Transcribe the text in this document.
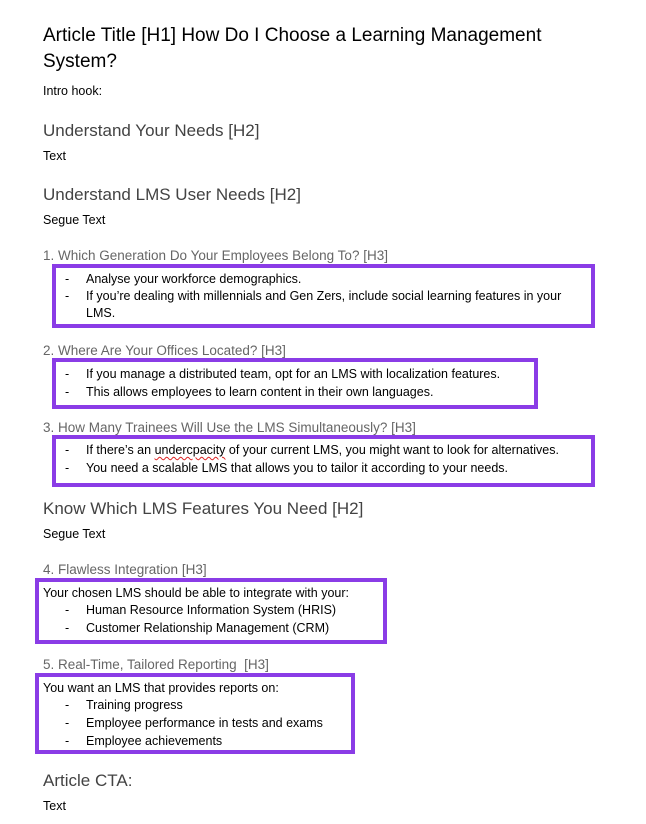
Article Title [H1] How Do I Choose a Learning Management
System?
Intro hook:
Understand Your Needs [H2]
Text
Understand LMS User Needs [H2]
Segue Text
1. Which Generation Do Your Employees Belong To? [H3]
- Analyse your workforce demographics.
- If you’re dealing with millennials and Gen Zers, include social learning features in your
LMS.
2. Where Are Your Offices Located? [H3]
- If you manage a distributed team, opt for an LMS with localization features.
- This allows employees to learn content in their own languages.
3. How Many Trainees Will Use the LMS Simultaneously? [H3]
- If there’s an undercpacity of your current LMS, you might want to look for alternatives.
- You need a scalable LMS that allows you to tailor it according to your needs.
Know Which LMS Features You Need [H2]
Segue Text
4. Flawless Integration [H3]
Your chosen LMS should be able to integrate with your:
- Human Resource Information System (HRIS)
- Customer Relationship Management (CRM)
5. Real-Time, Tailored Reporting  [H3]
You want an LMS that provides reports on:
- Training progress
- Employee performance in tests and exams
- Employee achievements
Article CTA:
Text
